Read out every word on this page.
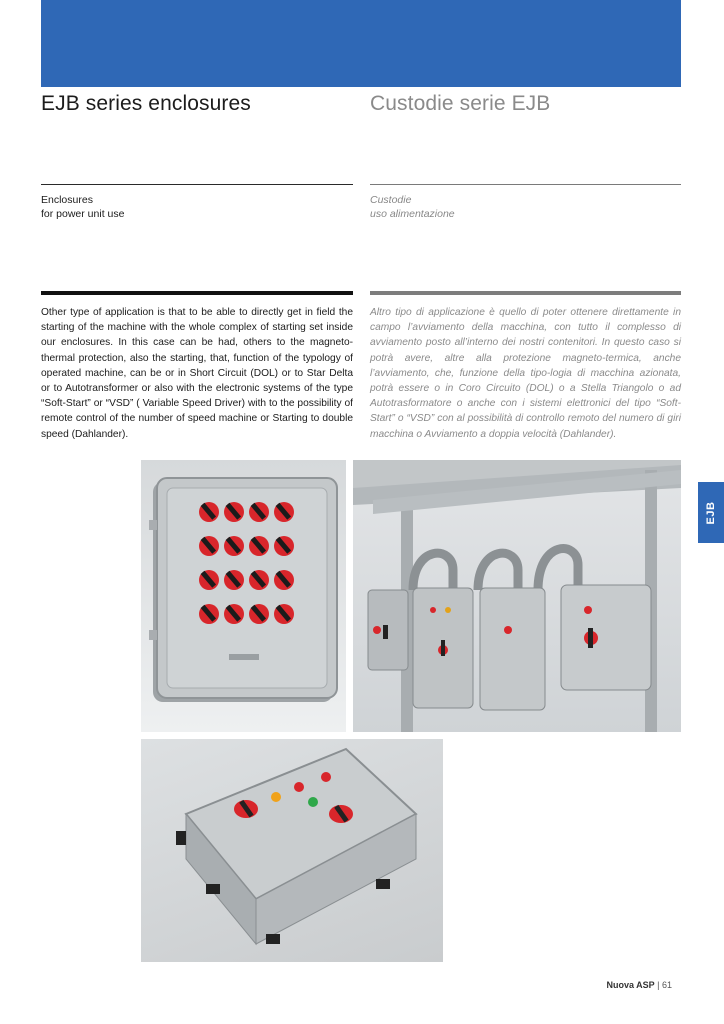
EJB series enclosures	Custodie serie EJB
Enclosures
for power unit use
Custodie
uso alimentazione

Other type of application is that to be able to directly get in field the starting of the machine with the whole complex of starting set inside our enclosures. In this case can be had, others to the magneto-thermal protection, also the starting, that, function of the typology of operated machine, can be or in Short Circuit (DOL) or to Star Delta or to Autotransformer or also with the electronic systems of the type “Soft-Start” or “VSD” ( Variable Speed Driver) with to the possibility of remote control of the number of speed machine or Starting to double speed (Dahlander).

Altro tipo di applicazione è quello di poter ottenere direttamente in campo l’avviamento della macchina, con tutto il complesso di avviamento posto all’interno dei nostri contenitori. In questo caso si potrà avere, altre alla protezione magneto-termica, anche l’avviamento, che, funzione della tipo-logia di macchina azionata, potrà essere o in Coro Circuito (DOL) o a Stella Triangolo o ad Autotrasformatore o anche con i sistemi elettronici del tipo “Soft-Start” o “VSD” con al possibilità di controllo remoto del numero di giri macchina o Avviamento a doppia velocità (Dahlander).

EJB
Nuova ASP | 61
